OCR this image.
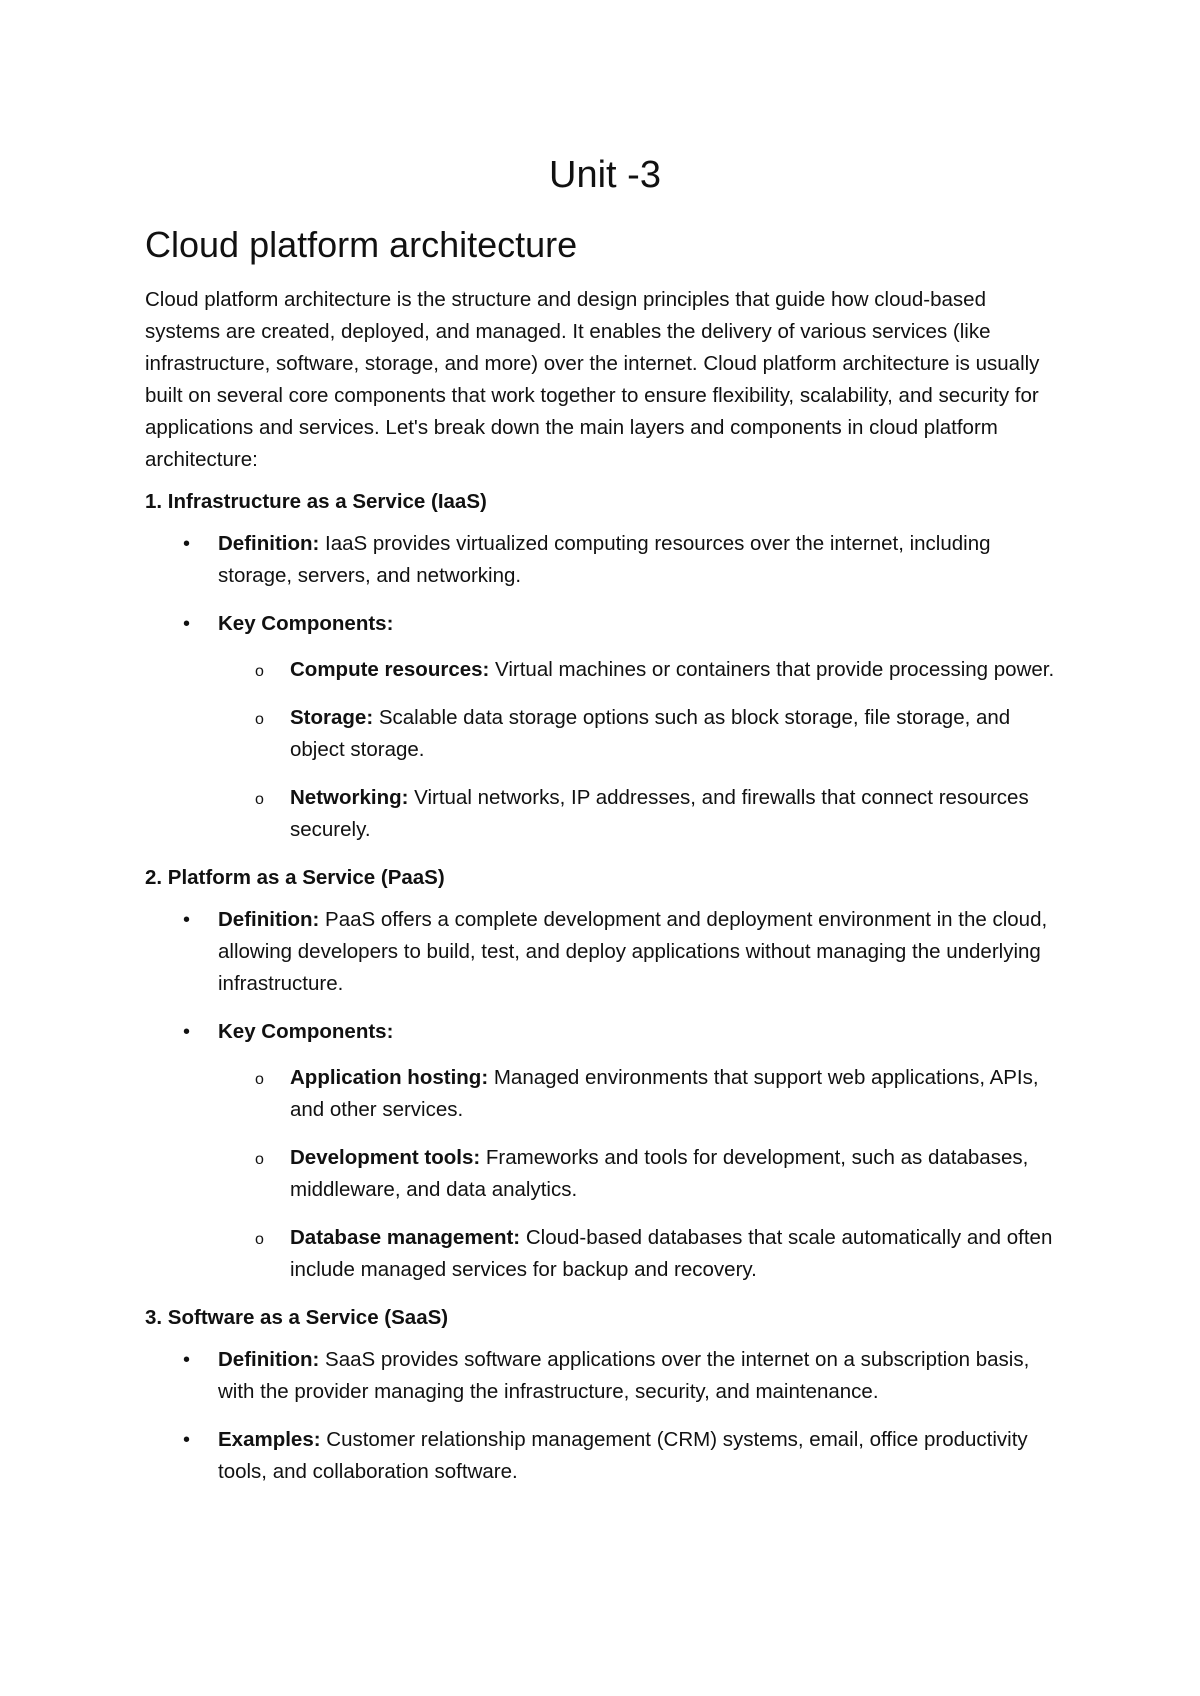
Unit -3
Cloud platform architecture

Cloud platform architecture is the structure and design principles that guide how cloud-based systems are created, deployed, and managed. It enables the delivery of various services (like infrastructure, software, storage, and more) over the internet. Cloud platform architecture is usually built on several core components that work together to ensure flexibility, scalability, and security for applications and services. Let's break down the main layers and components in cloud platform architecture:

1. Infrastructure as a Service (IaaS)
• Definition: IaaS provides virtualized computing resources over the internet, including storage, servers, and networking.
• Key Components:
o Compute resources: Virtual machines or containers that provide processing power.
o Storage: Scalable data storage options such as block storage, file storage, and object storage.
o Networking: Virtual networks, IP addresses, and firewalls that connect resources securely.
2. Platform as a Service (PaaS)
• Definition: PaaS offers a complete development and deployment environment in the cloud, allowing developers to build, test, and deploy applications without managing the underlying infrastructure.
• Key Components:
o Application hosting: Managed environments that support web applications, APIs, and other services.
o Development tools: Frameworks and tools for development, such as databases, middleware, and data analytics.
o Database management: Cloud-based databases that scale automatically and often include managed services for backup and recovery.
3. Software as a Service (SaaS)
• Definition: SaaS provides software applications over the internet on a subscription basis, with the provider managing the infrastructure, security, and maintenance.
• Examples: Customer relationship management (CRM) systems, email, office productivity tools, and collaboration software.
